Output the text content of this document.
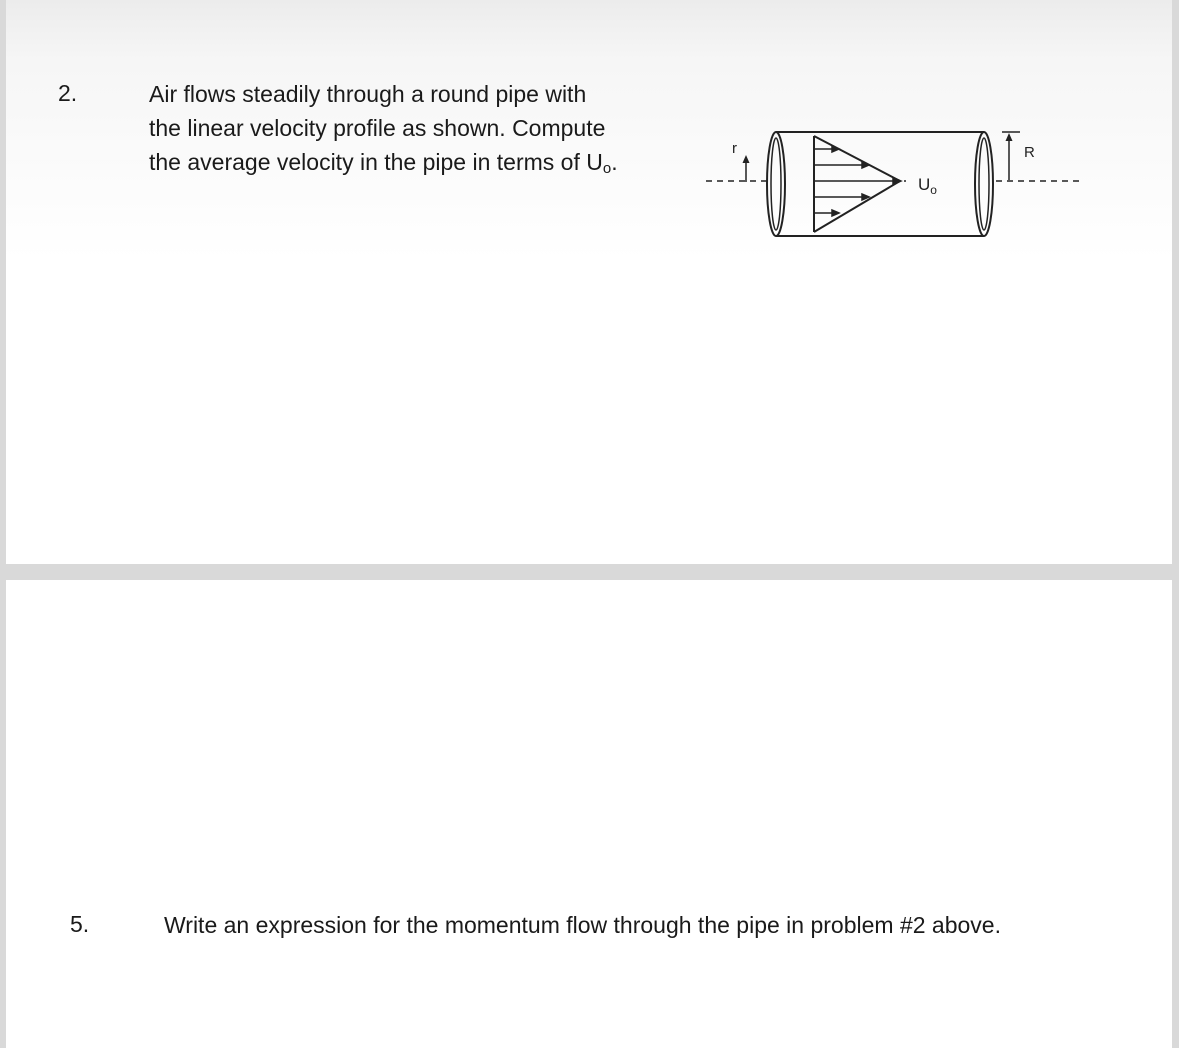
2.	Air flows steadily through a round pipe with
the linear velocity profile as shown. Compute
the average velocity in the pipe in terms of $U_o$.
r
$U_o$
R
5.	Write an expression for the momentum flow through the pipe in problem #2 above.
